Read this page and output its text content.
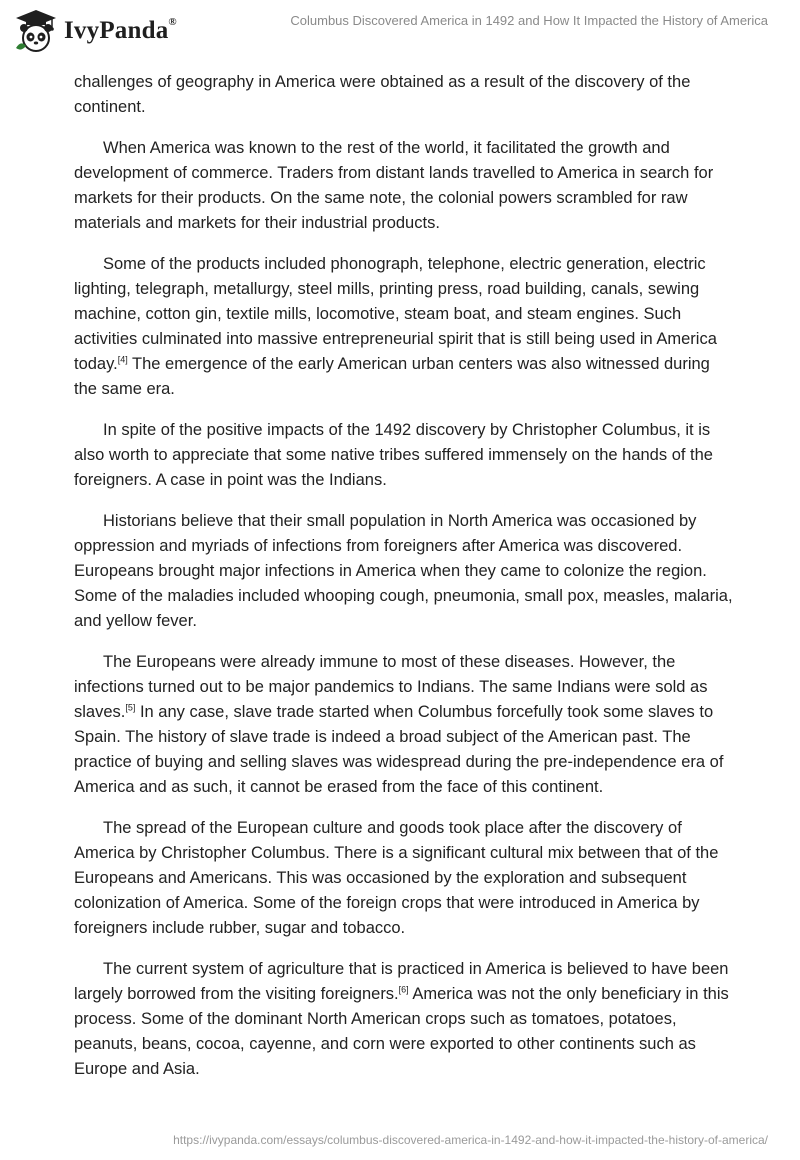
IvyPanda®	Columbus Discovered America in 1492 and How It Impacted the History of America

challenges of geography in America were obtained as a result of the discovery of the continent.

When America was known to the rest of the world, it facilitated the growth and development of commerce. Traders from distant lands travelled to America in search for markets for their products. On the same note, the colonial powers scrambled for raw materials and markets for their industrial products.

Some of the products included phonograph, telephone, electric generation, electric lighting, telegraph, metallurgy, steel mills, printing press, road building, canals, sewing machine, cotton gin, textile mills, locomotive, steam boat, and steam engines. Such activities culminated into massive entrepreneurial spirit that is still being used in America today.[4] The emergence of the early American urban centers was also witnessed during the same era.

In spite of the positive impacts of the 1492 discovery by Christopher Columbus, it is also worth to appreciate that some native tribes suffered immensely on the hands of the foreigners. A case in point was the Indians.

Historians believe that their small population in North America was occasioned by oppression and myriads of infections from foreigners after America was discovered. Europeans brought major infections in America when they came to colonize the region. Some of the maladies included whooping cough, pneumonia, small pox, measles, malaria, and yellow fever.

The Europeans were already immune to most of these diseases. However, the infections turned out to be major pandemics to Indians. The same Indians were sold as slaves.[5] In any case, slave trade started when Columbus forcefully took some slaves to Spain. The history of slave trade is indeed a broad subject of the American past. The practice of buying and selling slaves was widespread during the pre-independence era of America and as such, it cannot be erased from the face of this continent.

The spread of the European culture and goods took place after the discovery of America by Christopher Columbus. There is a significant cultural mix between that of the Europeans and Americans. This was occasioned by the exploration and subsequent colonization of America. Some of the foreign crops that were introduced in America by foreigners include rubber, sugar and tobacco.

The current system of agriculture that is practiced in America is believed to have been largely borrowed from the visiting foreigners.[6] America was not the only beneficiary in this process. Some of the dominant North American crops such as tomatoes, potatoes, peanuts, beans, cocoa, cayenne, and corn were exported to other continents such as Europe and Asia.

https://ivypanda.com/essays/columbus-discovered-america-in-1492-and-how-it-impacted-the-history-of-america/
